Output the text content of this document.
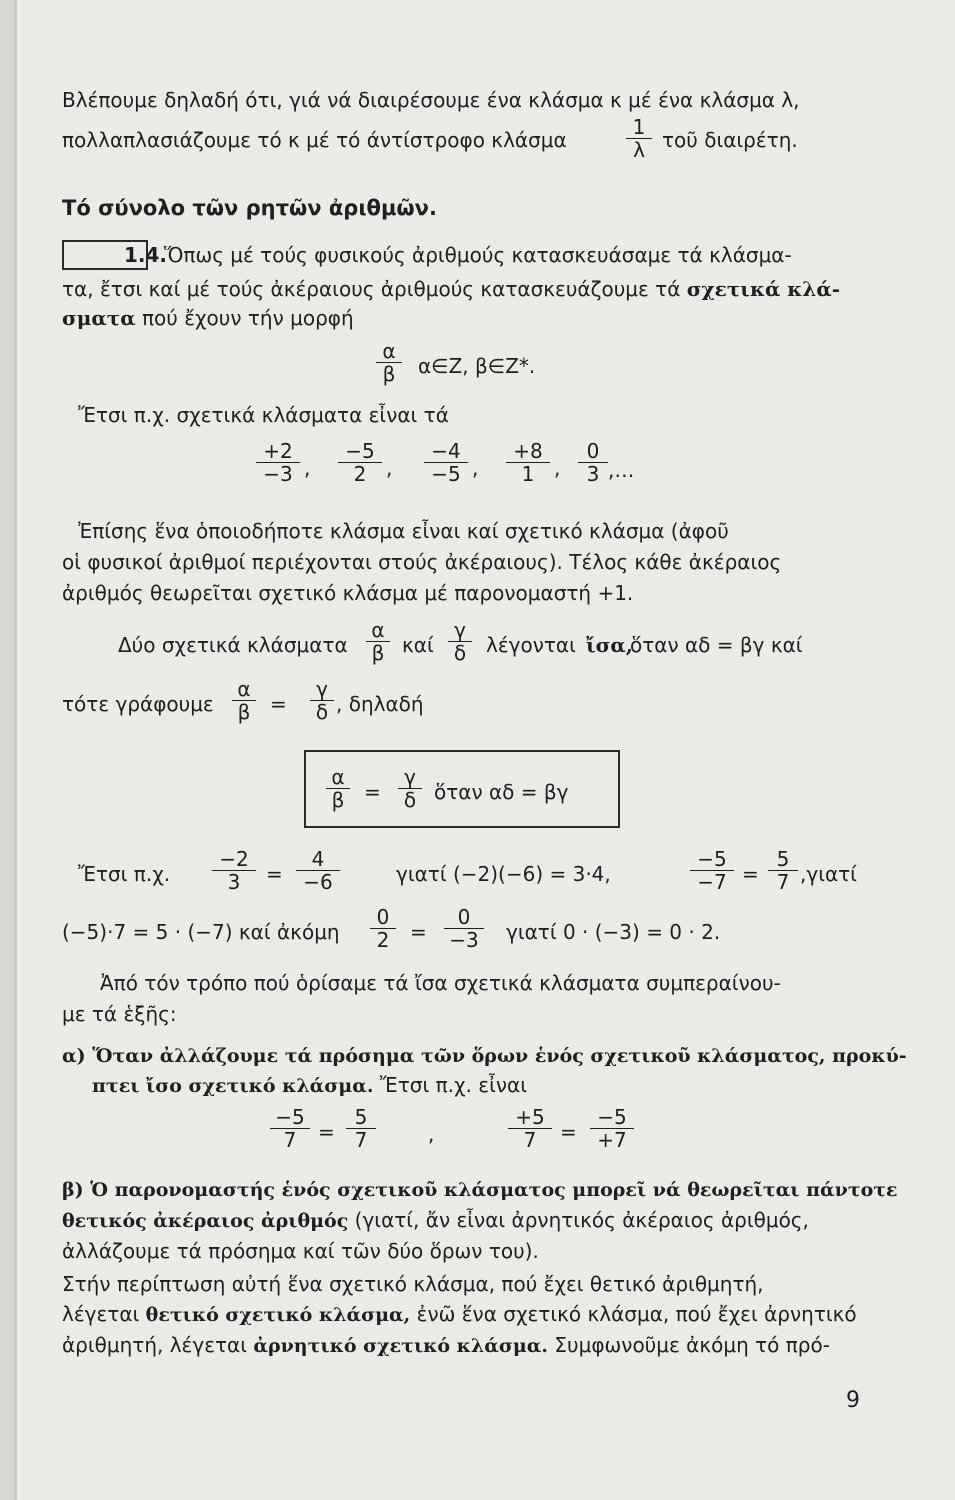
Βλέπουμε δηλαδή ότι, γιά νά διαιρέσουμε ένα κλάσμα κ μέ ένα κλάσμα λ,
πολλαπλασιάζουμε τό κ μέ τό άντίστροφο κλάσμα	$\frac{1}{\lambda}$ τοῦ διαιρέτη.
Τό σύνολο τῶν ρητῶν ἀριθμῶν.
1.4.
Ὅπως μέ τούς φυσικούς ἀριθμούς κατασκευάσαμε τά κλάσμα-
τα, ἔτσι καί μέ τούς ἀκέραιους ἀριθμούς κατασκευάζουμε τά σχετικά κλά-
σματα πού ἔχουν τήν μορφή
$\frac{\alpha}{\beta}$ α∈Z, β∈Z*.
Ἔτσι π.χ. σχετικά κλάσματα εἶναι τά
$\frac{+2}{-3}$ , $\frac{-5}{2}$ , $\frac{-4}{-5}$ , $\frac{+8}{1}$ , $\frac{0}{3}$ ,…
Ἐπίσης ἕνα ὁποιοδήποτε κλάσμα εἶναι καί σχετικό κλάσμα (ἀφοῦ
οἱ φυσικοί ἀριθμοί περιέχονται στούς ἀκέραιους). Τέλος κάθε ἀκέραιος
ἀριθμός θεωρεῖται σχετικό κλάσμα μέ παρονομαστή +1.
Δύο σχετικά κλάσματα $\frac{\alpha}{\beta}$ καί $\frac{\gamma}{\delta}$ λέγονται ἴσα,
ὅταν αδ = βγ καί
τότε γράφουμε $\frac{\alpha}{\beta} = \frac{\gamma}{\delta}$ , δηλαδή
$\frac{\alpha}{\beta} = \frac{\gamma}{\delta}$ ὅταν αδ = βγ
Ἔτσι π.χ. $\frac{-2}{3} = \frac{4}{-6}$	γιατί (−2)(−6) = 3·4,	$\frac{-5}{-7} = \frac{5}{7} ,\gamma\iota\alpha\tau ί$
(−5)·7 = 5 · (−7) καί ἀκόμη $\frac{0}{2} = \frac{0}{-3}$ γιατί 0 · (−3) = 0 · 2.
Ἀπό τόν τρόπο πού ὁρίσαμε τά ἴσα σχετικά κλάσματα συμπεραίνου-
με τά ἑξῆς:
α) Ὅταν ἀλλάζουμε τά πρόσημα τῶν ὅρων ἑνός σχετικοῦ κλάσματος, προκύ-
πτει ἴσο σχετικό κλάσμα. Ἔτσι π.χ. εἶναι
$\frac{-5}{7} = \frac{5}{7}$	,	$\frac{+5}{7} = \frac{-5}{+7}$
β) Ὁ παρονομαστής ἑνός σχετικοῦ κλάσματος μπορεῖ νά θεωρεῖται πάντοτε
θετικός ἀκέραιος ἀριθμός (γιατί, ἄν εἶναι ἀρνητικός ἀκέραιος ἀριθμός,
ἀλλάζουμε τά πρόσημα καί τῶν δύο ὅρων του).
Στήν περίπτωση αὐτή ἕνα σχετικό κλάσμα, πού ἔχει θετικό ἀριθμητή,
λέγεται θετικό σχετικό κλάσμα, ἐνῶ ἕνα σχετικό κλάσμα, πού ἔχει ἀρνητικό
ἀριθμητή, λέγεται ἀρνητικό σχετικό κλάσμα. Συμφωνοῦμε ἀκόμη τό πρό-
9
